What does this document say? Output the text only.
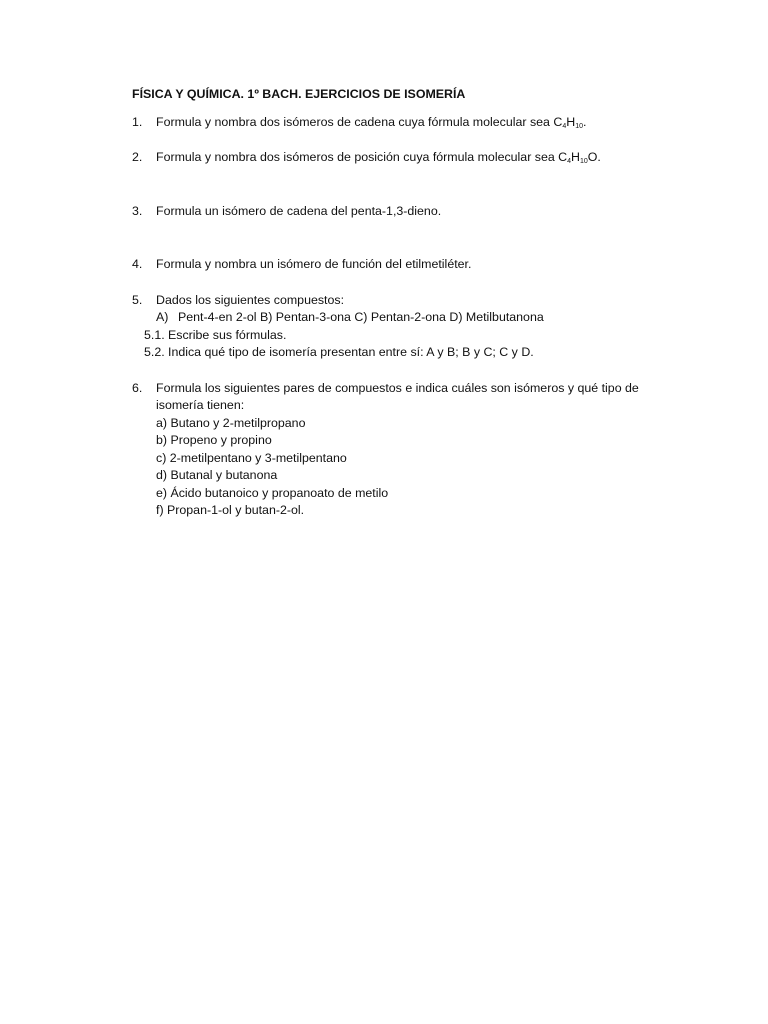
FÍSICA Y QUÍMICA. 1º BACH. EJERCICIOS DE ISOMERÍA
1.	Formula y nombra dos isómeros de cadena cuya fórmula molecular sea $C_4H_{10}$.
2.	Formula y nombra dos isómeros de posición cuya fórmula molecular sea $C_4H_{10}O$.
3.	Formula un isómero de cadena del penta-1,3-dieno.
4.	Formula y nombra un isómero de función del etilmetiléter.
5.	Dados los siguientes compuestos:
A) Pent-4-en 2-ol B) Pentan-3-ona C) Pentan-2-ona D) Metilbutanona
5.1. Escribe sus fórmulas.
5.2. Indica qué tipo de isomería presentan entre sí: A y B; B y C; C y D.
6.	Formula los siguientes pares de compuestos e indica cuáles son isómeros y qué tipo de isomería tienen:
a) Butano y 2-metilpropano
b) Propeno y propino
c) 2-metilpentano y 3-metilpentano
d) Butanal y butanona
e) Ácido butanoico y propanoato de metilo
f) Propan-1-ol y butan-2-ol.
